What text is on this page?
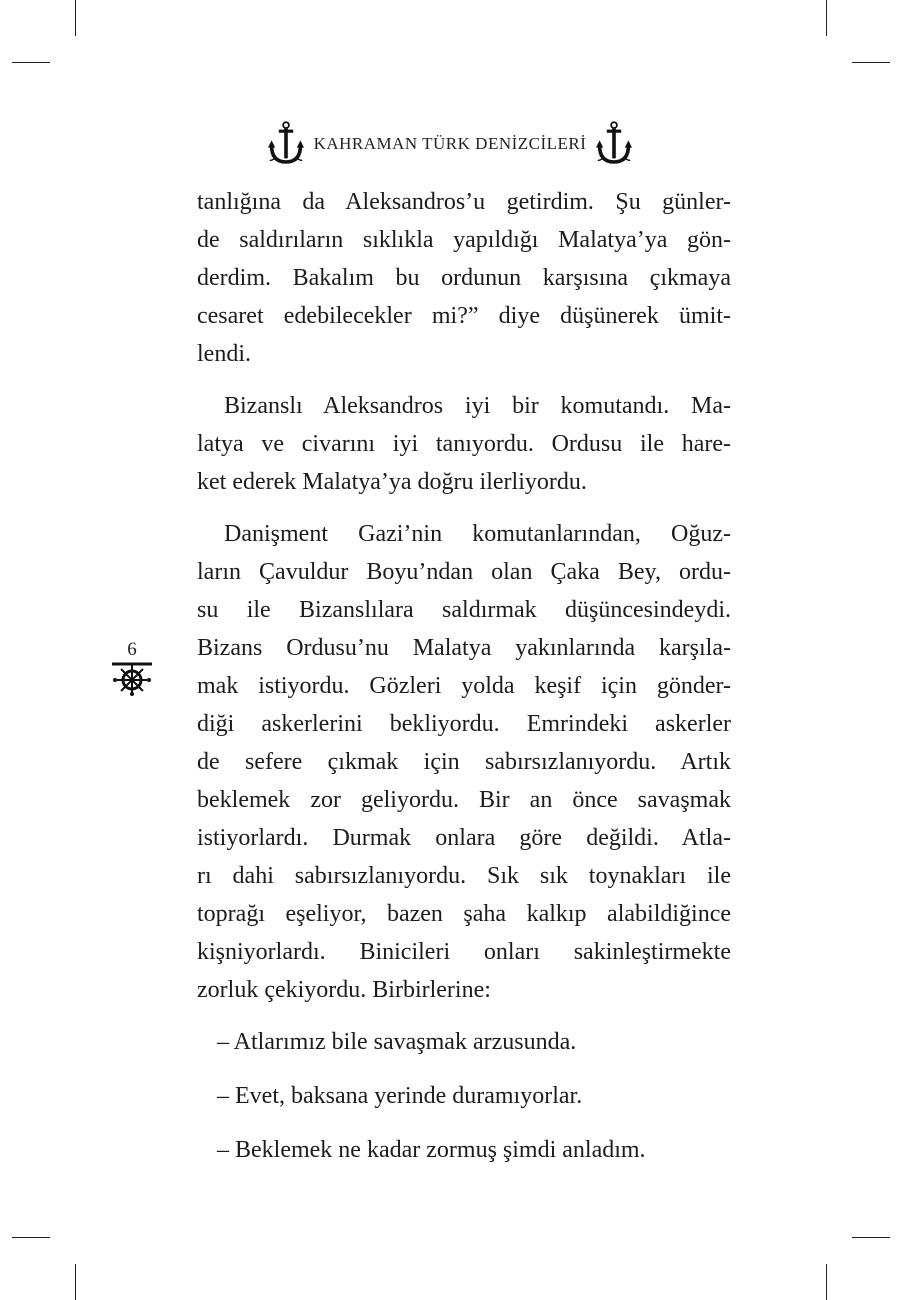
KAHRAMAN TÜRK DENİZCİLERİ
6
tanlığına da Aleksandros’u getirdim. Şu günler-
de saldırıların sıklıkla yapıldığı Malatya’ya gön-
derdim. Bakalım bu ordunun karşısına çıkmaya
cesaret edebilecekler mi?” diye düşünerek ümit-
lendi.
Bizanslı Aleksandros iyi bir komutandı. Ma-
latya ve civarını iyi tanıyordu. Ordusu ile hare-
ket ederek Malatya’ya doğru ilerliyordu.
Danişment Gazi’nin komutanlarından, Oğuz-
ların Çavuldur Boyu’ndan olan Çaka Bey, ordu-
su ile Bizanslılara saldırmak düşüncesindeydi.
Bizans Ordusu’nu Malatya yakınlarında karşıla-
mak istiyordu. Gözleri yolda keşif için gönder-
diği askerlerini bekliyordu. Emrindeki askerler
de sefere çıkmak için sabırsızlanıyordu. Artık
beklemek zor geliyordu. Bir an önce savaşmak
istiyorlardı. Durmak onlara göre değildi. Atla-
rı dahi sabırsızlanıyordu. Sık sık toynakları ile
toprağı eşeliyor, bazen şaha kalkıp alabildiğince
kişniyorlardı. Binicileri onları sakinleştirmekte
zorluk çekiyordu. Birbirlerine:
– Atlarımız bile savaşmak arzusunda.
– Evet, baksana yerinde duramıyorlar.
– Beklemek ne kadar zormuş şimdi anladım.
